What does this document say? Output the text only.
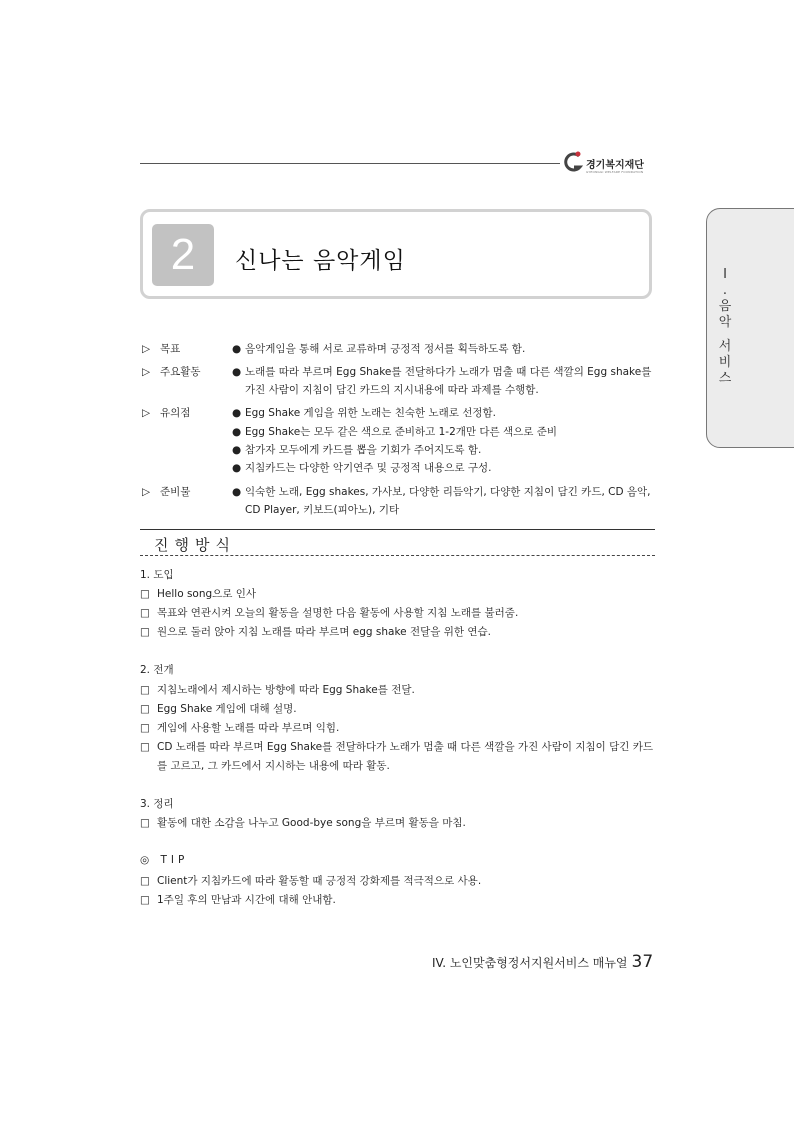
경기복지재단
GYEONGGI WELFARE FOUNDATION
Ⅰ
.
음
악
서
비
스
2	신나는 음악게임
▷ 목표	● 음악게임을 통해 서로 교류하며 긍정적 정서를 획득하도록 함.
▷ 주요활동	● 노래를 따라 부르며 Egg Shake를 전달하다가 노래가 멈출 때 다른 색깔의 Egg shake를
가진 사람이 지침이 담긴 카드의 지시내용에 따라 과제를 수행함.
▷ 유의점	● Egg Shake 게임을 위한 노래는 친숙한 노래로 선정함.
● Egg Shake는 모두 같은 색으로 준비하고 1-2개만 다른 색으로 준비
● 참가자 모두에게 카드를 뽑을 기회가 주어지도록 함.
● 지침카드는 다양한 악기연주 및 긍정적 내용으로 구성.
▷ 준비물	● 익숙한 노래, Egg shakes, 가사보, 다양한 리듬악기, 다양한 지침이 담긴 카드, CD 음악,
CD Player, 키보드(피아노), 기타
진행방식
1. 도입
□ Hello song으로 인사
□ 목표와 연관시켜 오늘의 활동을 설명한 다음 활동에 사용할 지침 노래를 불러줌.
□ 원으로 둘러 앉아 지침 노래를 따라 부르며 egg shake 전달을 위한 연습.
2. 전개
□ 지침노래에서 제시하는 방향에 따라 Egg Shake를 전달.
□ Egg Shake 게임에 대해 설명.
□ 게임에 사용할 노래를 따라 부르며 익힘.
□ CD 노래를 따라 부르며 Egg Shake를 전달하다가 노래가 멈출 때 다른 색깔을 가진 사람이 지침이 담긴 카드
를 고르고, 그 카드에서 지시하는 내용에 따라 활동.
3. 정리
□ 활동에 대한 소감을 나누고 Good-bye song을 부르며 활동을 마침.
◎ TIP
□ Client가 지침카드에 따라 활동할 때 긍정적 강화제를 적극적으로 사용.
□ 1주일 후의 만남과 시간에 대해 안내함.
IV. 노인맞춤형정서지원서비스 매뉴얼 37
